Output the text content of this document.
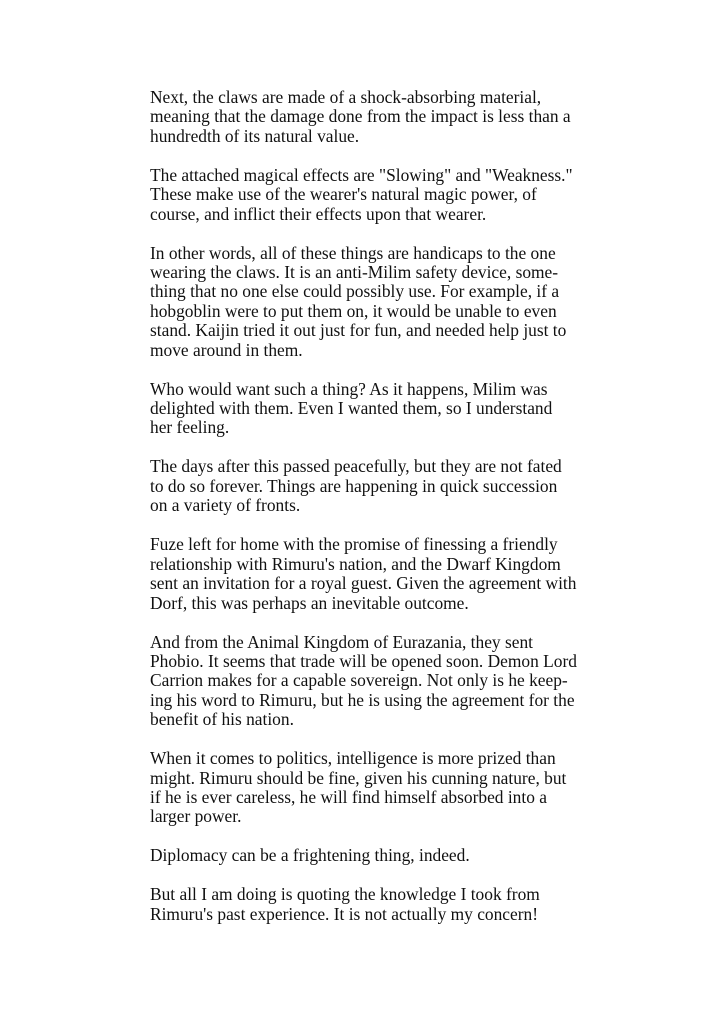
Next, the claws are made of a shock-absorbing material,
meaning that the damage done from the impact is less than a
hundredth of its natural value.

The attached magical effects are "Slowing" and "Weakness."
These make use of the wearer's natural magic power, of
course, and inflict their effects upon that wearer.

In other words, all of these things are handicaps to the one
wearing the claws. It is an anti-Milim safety device, some-
thing that no one else could possibly use. For example, if a
hobgoblin were to put them on, it would be unable to even
stand. Kaijin tried it out just for fun, and needed help just to
move around in them.

Who would want such a thing? As it happens, Milim was
delighted with them. Even I wanted them, so I understand
her feeling.

The days after this passed peacefully, but they are not fated
to do so forever. Things are happening in quick succession
on a variety of fronts.

Fuze left for home with the promise of finessing a friendly
relationship with Rimuru's nation, and the Dwarf Kingdom
sent an invitation for a royal guest. Given the agreement with
Dorf, this was perhaps an inevitable outcome.

And from the Animal Kingdom of Eurazania, they sent
Phobio. It seems that trade will be opened soon. Demon Lord
Carrion makes for a capable sovereign. Not only is he keep-
ing his word to Rimuru, but he is using the agreement for the
benefit of his nation.

When it comes to politics, intelligence is more prized than
might. Rimuru should be fine, given his cunning nature, but
if he is ever careless, he will find himself absorbed into a
larger power.

Diplomacy can be a frightening thing, indeed.

But all I am doing is quoting the knowledge I took from
Rimuru's past experience. It is not actually my concern!
